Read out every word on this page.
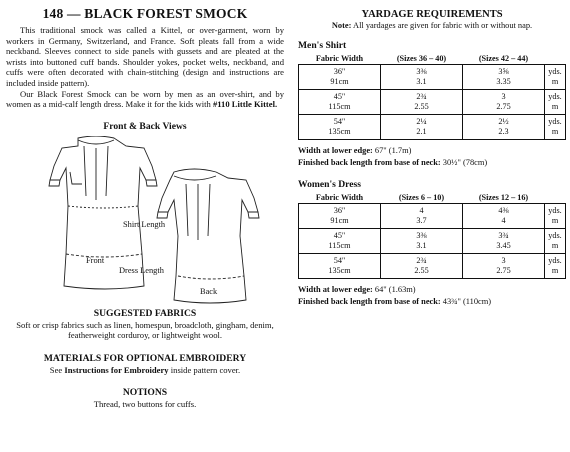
148 — BLACK FOREST SMOCK

This traditional smock was called a Kittel, or over-garment, worn by workers in Germany, Switzerland, and France. Soft pleats fall from a wide neckband. Sleeves connect to side panels with gussets and are pleated at the wrists into buttoned cuff bands. Shoulder yokes, pocket welts, neckband, and cuffs were often decorated with chain-stitching (design and instructions are included inside pattern).

Our Black Forest Smock can be worn by men as an over-shirt, and by women as a mid-calf length dress. Make it for the kids with #110 Little Kittel.

Front & Back Views
Shirt Length
Dress Length
Front
Back
SUGGESTED FABRICS
Soft or crisp fabrics such as linen, homespun, broadcloth, gingham, denim, featherweight corduroy, or lightweight wool.
MATERIALS FOR OPTIONAL EMBROIDERY
See Instructions for Embroidery inside pattern cover.
NOTIONS
Thread, two buttons for cuffs.
YARDAGE REQUIREMENTS
Note: All yardages are given for fabric with or without nap.
Men's Shirt
Fabric Width	(Sizes 36 – 40)	(Sizes 42 – 44)	
36"	3⅜	3⅝	yds.
91cm	3.1	3.35	m
45"	2¾	3	yds.
115cm	2.55	2.75	m
54"	2¼	2½	yds.
135cm	2.1	2.3	m
Width at lower edge: 67" (1.7m)
Finished back length from base of neck: 30½" (78cm)
Women's Dress
Fabric Width	(Sizes 6 – 10)	(Sizes 12 – 16)	
36"	4	4⅜	yds.
91cm	3.7	4	m
45"	3⅜	3¾	yds.
115cm	3.1	3.45	m
54"	2¾	3	yds.
135cm	2.55	2.75	m
Width at lower edge: 64" (1.63m)
Finished back length from base of neck: 43¾" (110cm)
